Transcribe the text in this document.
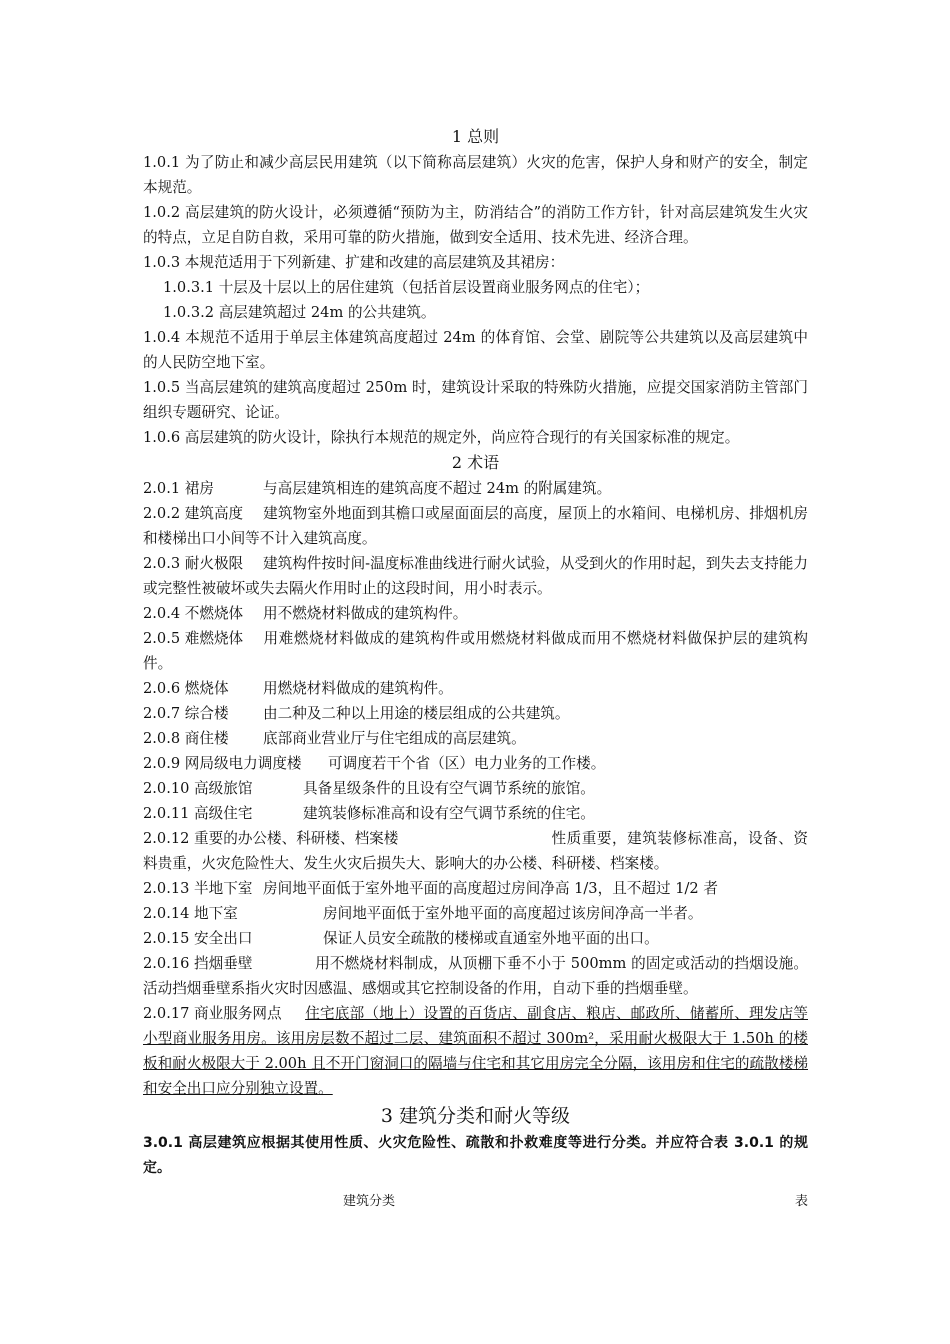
1 总则

1.0.1 为了防止和减少高层民用建筑（以下简称高层建筑）火灾的危害，保护人身和财产的安全，制定本规范。

1.0.2 高层建筑的防火设计，必须遵循“预防为主，防消结合”的消防工作方针，针对高层建筑发生火灾的特点，立足自防自救，采用可靠的防火措施，做到安全适用、技术先进、经济合理。

1.0.3 本规范适用于下列新建、扩建和改建的高层建筑及其裙房：

1.0.3.1 十层及十层以上的居住建筑（包括首层设置商业服务网点的住宅）；

1.0.3.2 高层建筑超过 24m 的公共建筑。

1.0.4 本规范不适用于单层主体建筑高度超过 24m 的体育馆、会堂、剧院等公共建筑以及高层建筑中的人民防空地下室。

1.0.5 当高层建筑的建筑高度超过 250m 时，建筑设计采取的特殊防火措施，应提交国家消防主管部门组织专题研究、论证。

1.0.6 高层建筑的防火设计，除执行本规范的规定外，尚应符合现行的有关国家标准的规定。

2 术语

2.0.1 裙房	与高层建筑相连的建筑高度不超过 24m 的附属建筑。

2.0.2 建筑高度 建筑物室外地面到其檐口或屋面面层的高度，屋顶上的水箱间、电梯机房、排烟机房和楼梯出口小间等不计入建筑高度。

2.0.3 耐火极限 建筑构件按时间-温度标准曲线进行耐火试验，从受到火的作用时起，到失去支持能力或完整性被破坏或失去隔火作用时止的这段时间，用小时表示。

2.0.4 不燃烧体 用不燃烧材料做成的建筑构件。

2.0.5 难燃烧体 用难燃烧材料做成的建筑构件或用燃烧材料做成而用不燃烧材料做保护层的建筑构件。

2.0.6 燃烧体 用燃烧材料做成的建筑构件。

2.0.7 综合楼 由二种及二种以上用途的楼层组成的公共建筑。

2.0.8 商住楼 底部商业营业厅与住宅组成的高层建筑。

2.0.9 网局级电力调度楼 可调度若干个省（区）电力业务的工作楼。

2.0.10 高级旅馆	具备星级条件的且设有空气调节系统的旅馆。

2.0.11 高级住宅	建筑装修标准高和设有空气调节系统的住宅。

2.0.12 重要的办公楼、科研楼、档案楼	性质重要，建筑装修标准高，设备、资料贵重，火灾危险性大、发生火灾后损失大、影响大的办公楼、科研楼、档案楼。

2.0.13 半地下室 房间地平面低于室外地平面的高度超过房间净高 1/3，且不超过 1/2 者

2.0.14 地下室	房间地平面低于室外地平面的高度超过该房间净高一半者。

2.0.15 安全出口	保证人员安全疏散的楼梯或直通室外地平面的出口。

2.0.16 挡烟垂壁	用不燃烧材料制成，从顶棚下垂不小于 500mm 的固定或活动的挡烟设施。活动挡烟垂壁系指火灾时因感温、感烟或其它控制设备的作用，自动下垂的挡烟垂壁。

2.0.17 商业服务网点 住宅底部（地上）设置的百货店、副食店、粮店、邮政所、储蓄所、理发店等小型商业服务用房。该用房层数不超过二层、建筑面积不超过 300m²，采用耐火极限大于 1.50h 的楼板和耐火极限大于 2.00h 且不开门窗洞口的隔墙与住宅和其它用房完全分隔，该用房和住宅的疏散楼梯和安全出口应分别独立设置。

3 建筑分类和耐火等级

3.0.1 高层建筑应根据其使用性质、火灾危险性、疏散和扑救难度等进行分类。并应符合表 3.0.1 的规定。

建筑分类	表
